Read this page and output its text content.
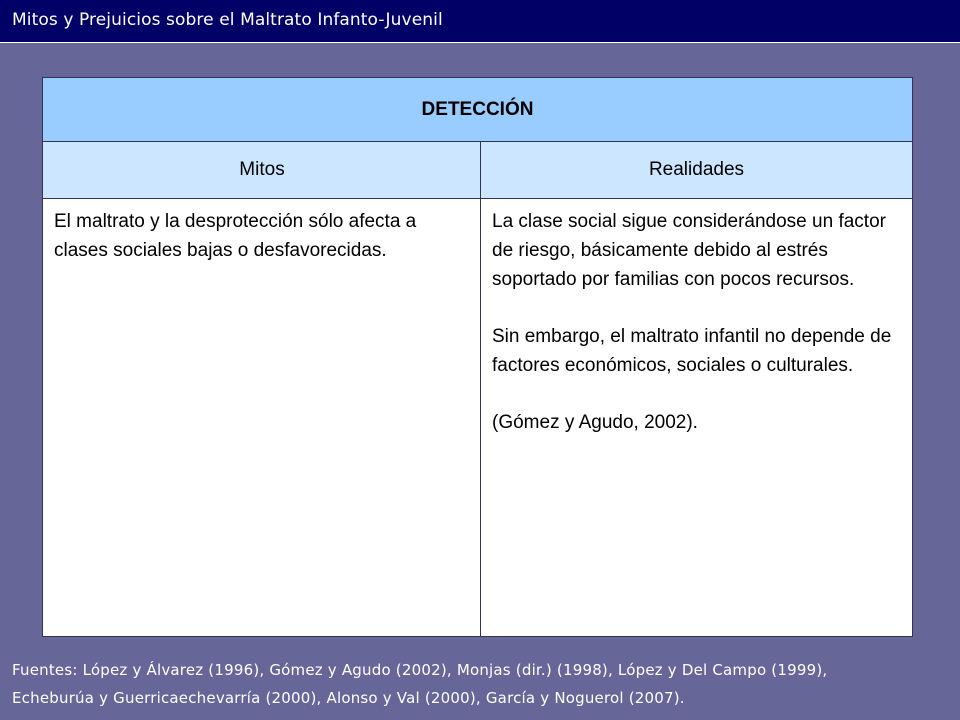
Mitos y Prejuicios sobre el Maltrato Infanto-Juvenil
DETECCIÓN
Mitos	Realidades

El maltrato y la desprotección sólo afecta a clases sociales bajas o desfavorecidas.

La clase social sigue considerándose un factor de riesgo, básicamente debido al estrés soportado por familias con pocos recursos.

Sin embargo, el maltrato infantil no depende de factores económicos, sociales o culturales.

(Gómez y Agudo, 2002).

Fuentes: López y Álvarez (1996), Gómez y Agudo (2002), Monjas (dir.) (1998), López y Del Campo (1999),
Echeburúa y Guerricaechevarría (2000), Alonso y Val (2000), García y Noguerol (2007).
